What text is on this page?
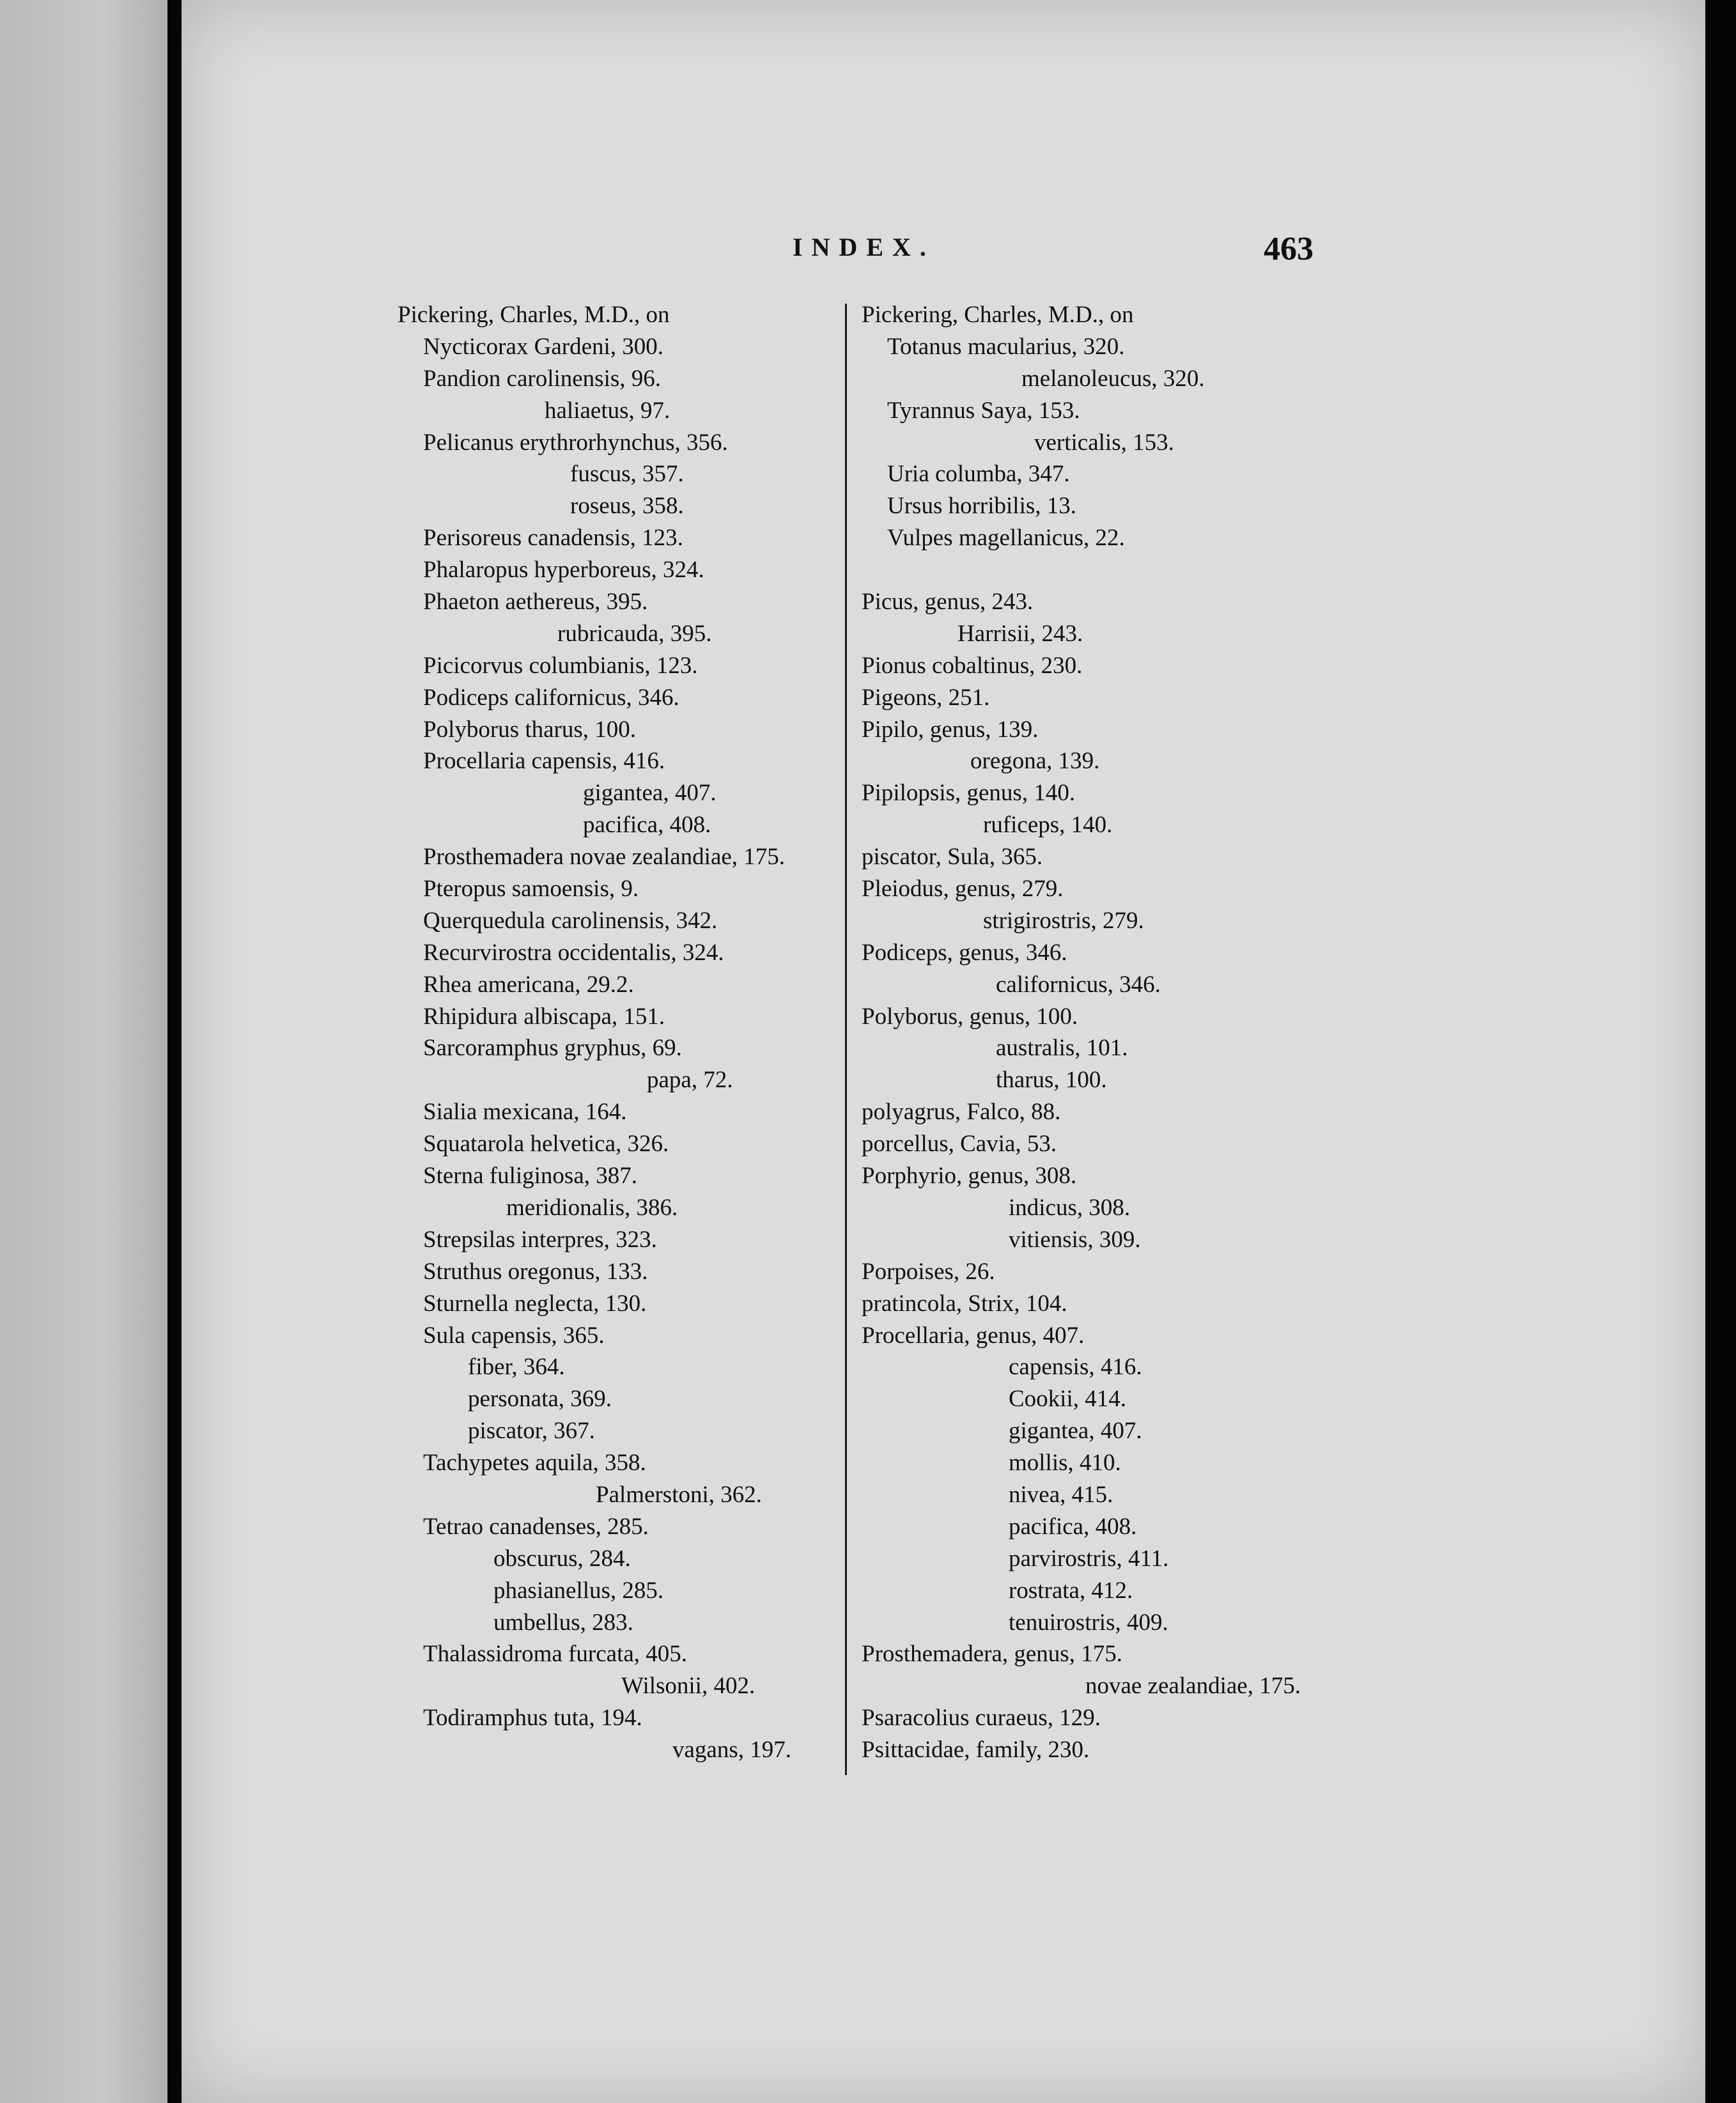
INDEX.	463
Pickering, Charles, M.D., on
Nycticorax Gardeni, 300.
Pandion carolinensis, 96.
haliaetus, 97.
Pelicanus erythrorhynchus, 356.
fuscus, 357.
roseus, 358.
Perisoreus canadensis, 123.
Phalaropus hyperboreus, 324.
Phaeton aethereus, 395.
rubricauda, 395.
Picicorvus columbianis, 123.
Podiceps californicus, 346.
Polyborus tharus, 100.
Procellaria capensis, 416.
gigantea, 407.
pacifica, 408.
Prosthemadera novae zealandiae, 175.
Pteropus samoensis, 9.
Querquedula carolinensis, 342.
Recurvirostra occidentalis, 324.
Rhea americana, 29.2.
Rhipidura albiscapa, 151.
Sarcoramphus gryphus, 69.
papa, 72.
Sialia mexicana, 164.
Squatarola helvetica, 326.
Sterna fuliginosa, 387.
meridionalis, 386.
Strepsilas interpres, 323.
Struthus oregonus, 133.
Sturnella neglecta, 130.
Sula capensis, 365.
fiber, 364.
personata, 369.
piscator, 367.
Tachypetes aquila, 358.
Palmerstoni, 362.
Tetrao canadenses, 285.
obscurus, 284.
phasianellus, 285.
umbellus, 283.
Thalassidroma furcata, 405.
Wilsonii, 402.
Todiramphus tuta, 194.
vagans, 197.
Pickering, Charles, M.D., on
Totanus macularius, 320.
melanoleucus, 320.
Tyrannus Saya, 153.
verticalis, 153.
Uria columba, 347.
Ursus horribilis, 13.
Vulpes magellanicus, 22.
Picus, genus, 243.
Harrisii, 243.
Pionus cobaltinus, 230.
Pigeons, 251.
Pipilo, genus, 139.
oregona, 139.
Pipilopsis, genus, 140.
ruficeps, 140.
piscator, Sula, 365.
Pleiodus, genus, 279.
strigirostris, 279.
Podiceps, genus, 346.
californicus, 346.
Polyborus, genus, 100.
australis, 101.
tharus, 100.
polyagrus, Falco, 88.
porcellus, Cavia, 53.
Porphyrio, genus, 308.
indicus, 308.
vitiensis, 309.
Porpoises, 26.
pratincola, Strix, 104.
Procellaria, genus, 407.
capensis, 416.
Cookii, 414.
gigantea, 407.
mollis, 410.
nivea, 415.
pacifica, 408.
parvirostris, 411.
rostrata, 412.
tenuirostris, 409.
Prosthemadera, genus, 175.
novae zealandiae, 175.
Psaracolius curaeus, 129.
Psittacidae, family, 230.
